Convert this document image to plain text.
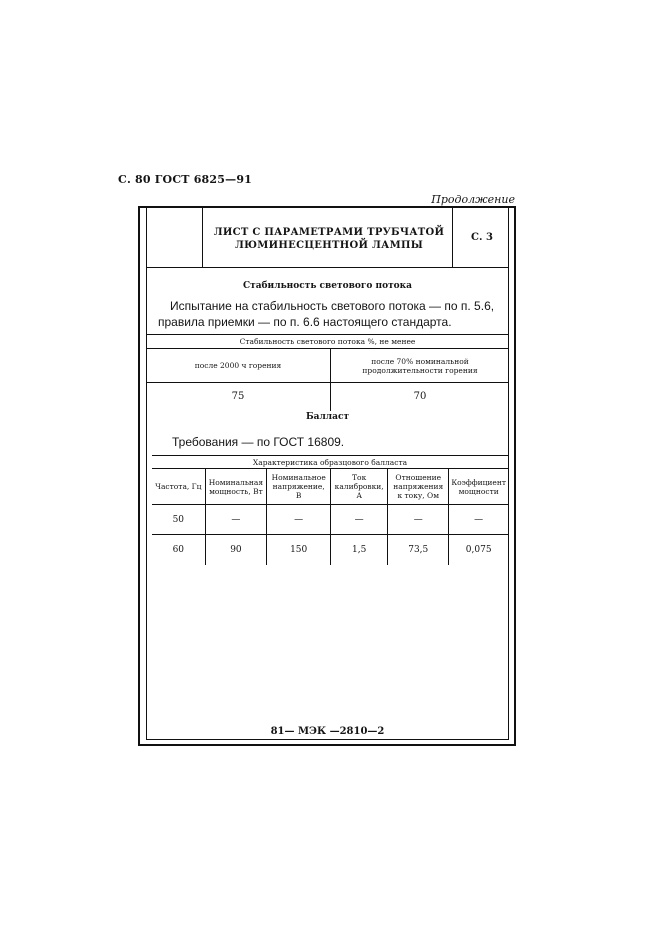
С. 80 ГОСТ 6825—91
Продолжение
ЛИСТ С ПАРАМЕТРАМИ ТРУБЧАТОЙ ЛЮМИНЕСЦЕНТНОЙ ЛАМПЫ
С. 3
Стабильность светового потока
Испытание на стабильность светового потока — по п. 5.6, правила приемки — по п. 6.6 настоящего стандарта.
Стабильность светового потока %, не менее	
после 2000 ч горения	после 70% номинальной продолжительности горения
75	70
Балласт
Требования — по ГОСТ 16809.
Характеристика образцового балласта					
Частота, Гц	Номинальная мощность, Вт	Номинальное напряжение, В	Ток калибровки, А	Отношение напряжения к току, Ом	Коэффициент мощности
50	—	—	—	—	—
60	90	150	1,5	73,5	0,075
81— МЭК —2810—2
